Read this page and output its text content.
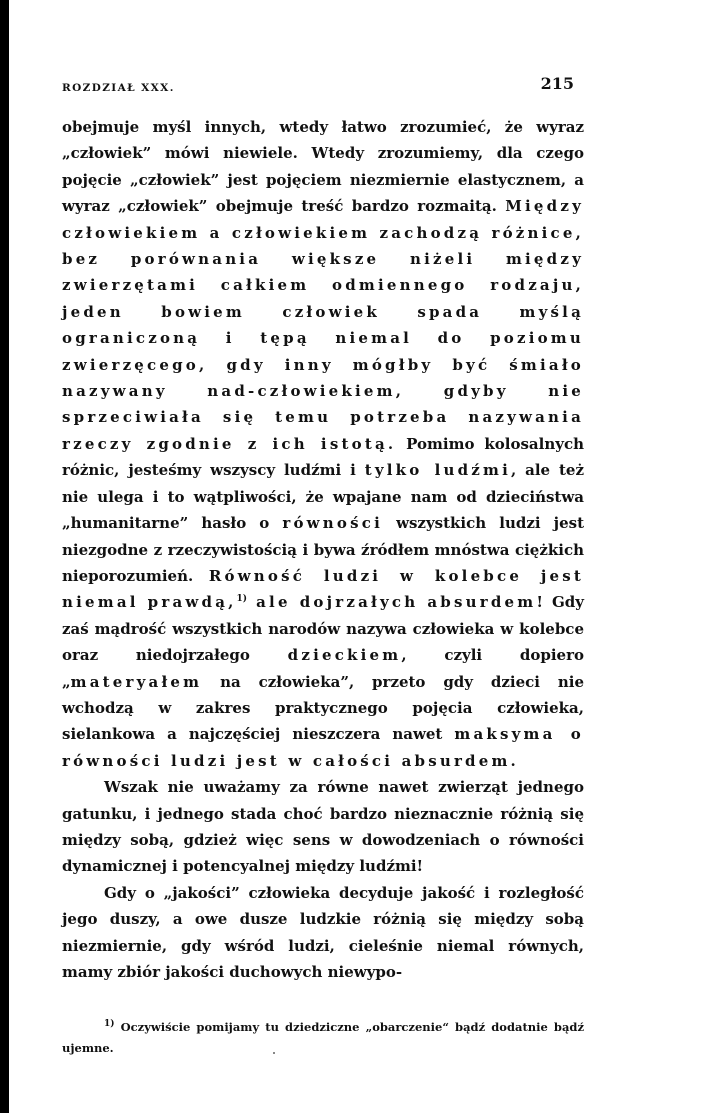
ROZDZIAŁ XXX.	215

obejmuje myśl innych, wtedy łatwo zrozumieć, że wyraz „człowiek” mówi niewiele. Wtedy zrozumiemy, dla czego pojęcie „człowiek” jest pojęciem niezmiernie elastycznem, a wyraz „człowiek” obejmuje treść bardzo rozmaitą. Między człowiekiem a człowiekiem zachodzą różnice, bez porównania większe niżeli między zwierzętami całkiem odmiennego rodzaju, jeden bowiem człowiek spada myślą ograniczoną i tępą niemal do poziomu zwierzęcego, gdy inny mógłby być śmiało nazywany nad-człowiekiem, gdyby nie sprzeciwiała się temu potrzeba nazywania rzeczy zgodnie z ich istotą. Pomimo kolosalnych różnic, jesteśmy wszyscy ludźmi i tylko ludźmi, ale też nie ulega i to wątpliwości, że wpajane nam od dzieciństwa „humanitarne” hasło o równości wszystkich ludzi jest niezgodne z rzeczywistością i bywa źródłem mnóstwa ciężkich nieporozumień. Równość ludzi w kolebce jest niemal prawdą,$^{1)}$ ale dojrzałych absurdem! Gdy zaś mądrość wszystkich narodów nazywa człowieka w kolebce oraz niedojrzałego dzieckiem, czyli dopiero „materyałem na człowieka”, przeto gdy dzieci nie wchodzą w zakres praktycznego pojęcia człowieka, sielankowa a najczęściej nieszczera nawet maksyma o równości ludzi jest w całości absurdem.

Wszak nie uważamy za równe nawet zwierząt jednego gatunku, i jednego stada choć bardzo nieznacznie różnią się między sobą, gdzież więc sens w dowodzeniach o równości dynamicznej i potencyalnej między ludźmi!

Gdy o „jakości” człowieka decyduje jakość i rozległość jego duszy, a owe dusze ludzkie różnią się między sobą niezmiernie, gdy wśród ludzi, cieleśnie niemal równych, mamy zbiór jakości duchowych niewypo-

$^{1)}$ Oczywiście pomijamy tu dziedziczne „obarczenie“ bądź dodatnie bądź ujemne.
